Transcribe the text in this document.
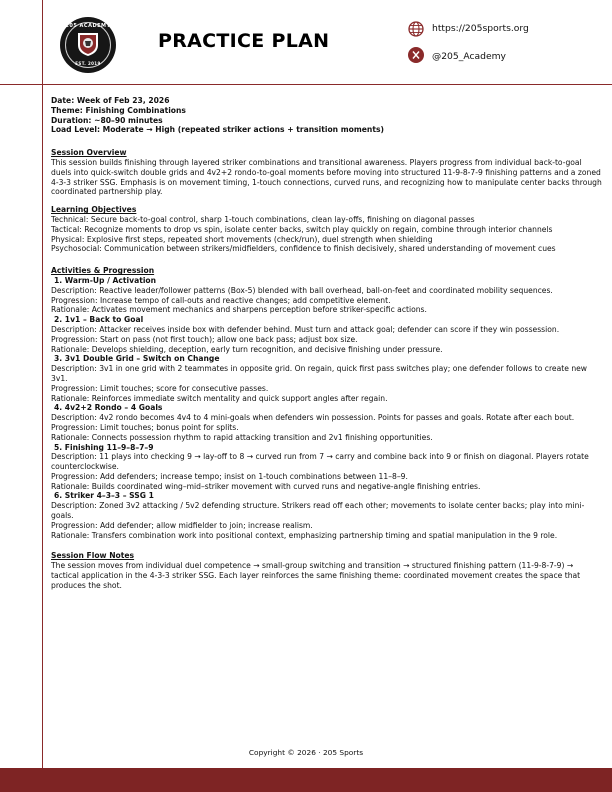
205 ACADEMY
EST. 2019
PRACTICE PLAN
https://205sports.org
@205_Academy

Date: Week of Feb 23, 2026

Theme: Finishing Combinations

Duration: ~80–90 minutes

Load Level: Moderate → High (repeated striker actions + transition moments)

Session Overview

This session builds finishing through layered striker combinations and transitional awareness. Players progress from individual back-to-goal duels into quick-switch double grids and 4v2+2 rondo-to-goal moments before moving into structured 11-9-8-7-9 finishing patterns and a zoned 4-3-3 striker SSG. Emphasis is on movement timing, 1-touch connections, curved runs, and recognizing how to manipulate center backs through coordinated partnership play.

Learning Objectives

Technical: Secure back-to-goal control, sharp 1-touch combinations, clean lay-offs, finishing on diagonal passes

Tactical: Recognize moments to drop vs spin, isolate center backs, switch play quickly on regain, combine through interior channels

Physical: Explosive first steps, repeated short movements (check/run), duel strength when shielding

Psychosocial: Communication between strikers/midfielders, confidence to finish decisively, shared understanding of movement cues

Activities & Progression

1. Warm-Up / Activation

Description: Reactive leader/follower patterns (Box-5) blended with ball overhead, ball-on-feet and coordinated mobility sequences.

Progression: Increase tempo of call-outs and reactive changes; add competitive element.

Rationale: Activates movement mechanics and sharpens perception before striker-specific actions.

2. 1v1 – Back to Goal

Description: Attacker receives inside box with defender behind. Must turn and attack goal; defender can score if they win possession.

Progression: Start on pass (not first touch); allow one back pass; adjust box size.

Rationale: Develops shielding, deception, early turn recognition, and decisive finishing under pressure.

3. 3v1 Double Grid – Switch on Change

Description: 3v1 in one grid with 2 teammates in opposite grid. On regain, quick first pass switches play; one defender follows to create new 3v1.

Progression: Limit touches; score for consecutive passes.

Rationale: Reinforces immediate switch mentality and quick support angles after regain.

4. 4v2+2 Rondo – 4 Goals

Description: 4v2 rondo becomes 4v4 to 4 mini-goals when defenders win possession. Points for passes and goals. Rotate after each bout.

Progression: Limit touches; bonus point for splits.

Rationale: Connects possession rhythm to rapid attacking transition and 2v1 finishing opportunities.

5. Finishing 11–9–8–7–9

Description: 11 plays into checking 9 → lay-off to 8 → curved run from 7 → carry and combine back into 9 or finish on diagonal. Players rotate counterclockwise.

Progression: Add defenders; increase tempo; insist on 1-touch combinations between 11–8–9.

Rationale: Builds coordinated wing–mid–striker movement with curved runs and negative-angle finishing entries.

6. Striker 4–3–3 – SSG 1

Description: Zoned 3v2 attacking / 5v2 defending structure. Strikers read off each other; movements to isolate center backs; play into mini-goals.

Progression: Add defender; allow midfielder to join; increase realism.

Rationale: Transfers combination work into positional context, emphasizing partnership timing and spatial manipulation in the 9 role.

Session Flow Notes

The session moves from individual duel competence → small-group switching and transition → structured finishing pattern (11-9-8-7-9) → tactical application in the 4-3-3 striker SSG. Each layer reinforces the same finishing theme: coordinated movement creates the space that produces the shot.

Copyright © 2026 · 205 Sports
